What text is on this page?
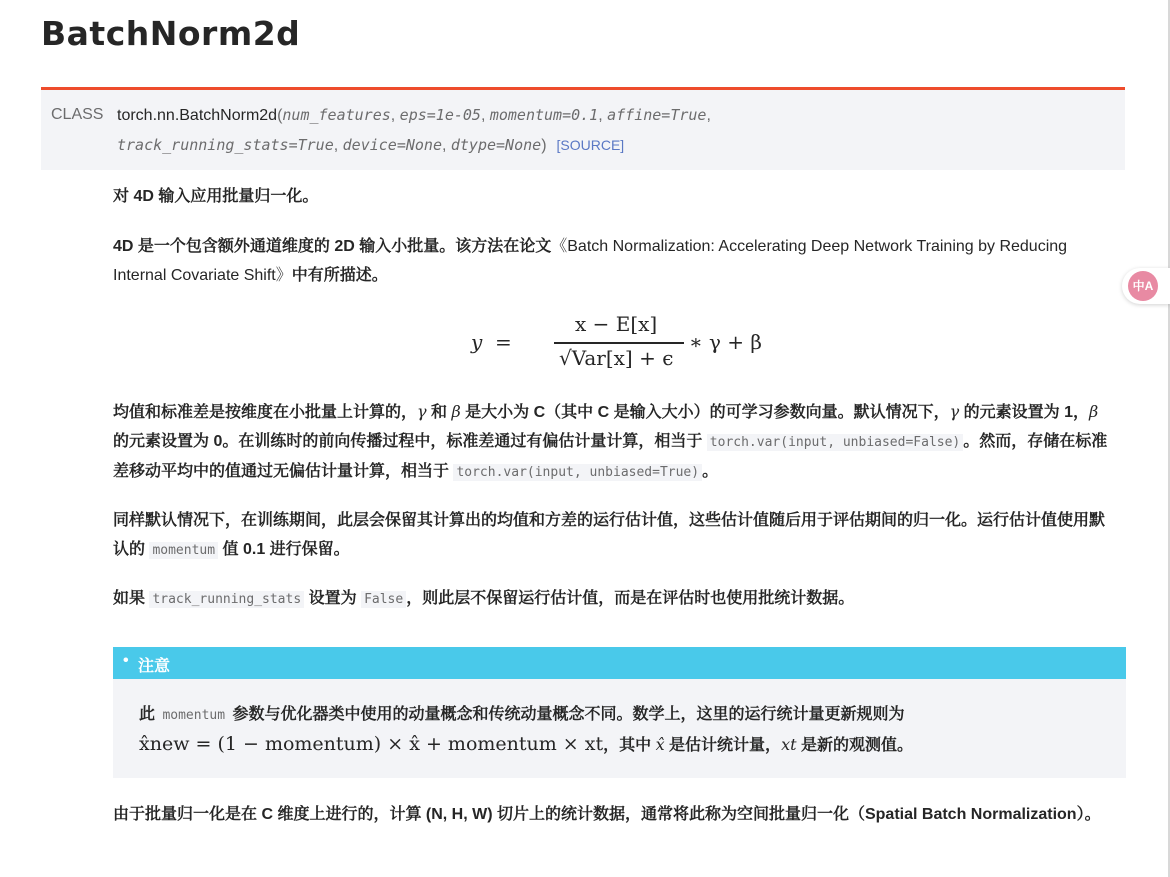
BatchNorm2d
CLASS torch.nn.BatchNorm2d(num_features, eps=1e-05, momentum=0.1, affine=True,
track_running_stats=True, device=None, dtype=None) [SOURCE]
对 4D 输入应用批量归一化。
4D 是一个包含额外通道维度的 2D 输入小批量。该方法在论文《Batch Normalization: Accelerating Deep Network Training by Reducing Internal Covariate Shift》中有所描述。
y =
x − E[x]
√Var[x] + ϵ
∗ γ + β
均值和标准差是按维度在小批量上计算的，γ 和 β 是大小为 C（其中 C 是输入大小）的可学习参数向量。默认情况下，γ 的元素设置为 1，β 的元素设置为 0。在训练时的前向传播过程中，标准差通过有偏估计量计算，相当于 torch.var(input, unbiased=False) 。然而，存储在标准差移动平均中的值通过无偏估计量计算，相当于 torch.var(input, unbiased=True) 。
同样默认情况下，在训练期间，此层会保留其计算出的均值和方差的运行估计值，这些估计值随后用于评估期间的归一化。运行估计值使用默认的 momentum 值 0.1 进行保留。
如果 track_running_stats 设置为 False ，则此层不保留运行估计值，而是在评估时也使用批统计数据。
• 注意
此 momentum 参数与优化器类中使用的动量概念和传统动量概念不同。数学上，这里的运行统计量更新规则为
x̂new = (1 − momentum) × x̂ + momentum × xt，其中 x̂ 是估计统计量，xt 是新的观测值。
由于批量归一化是在 C 维度上进行的，计算 (N, H, W) 切片上的统计数据，通常将此称为空间批量归一化（Spatial Batch Normalization）。
中A
